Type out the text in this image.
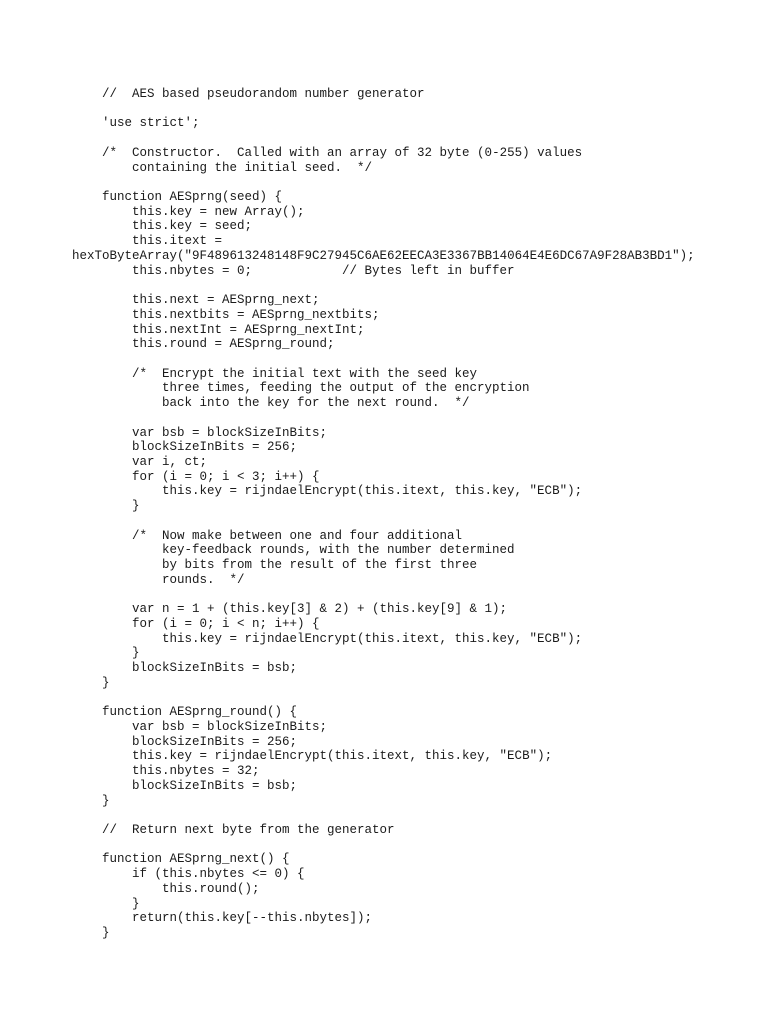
//  AES based pseudorandom number generator
'use strict';
/*  Constructor.  Called with an array of 32 byte (0-255) values
containing the initial seed.  */
function AESprng(seed) {
this.key = new Array();
this.key = seed;
this.itext =
hexToByteArray("9F489613248148F9C27945C6AE62EECA3E3367BB14064E4E6DC67A9F28AB3BD1");
this.nbytes = 0;            // Bytes left in buffer
this.next = AESprng_next;
this.nextbits = AESprng_nextbits;
this.nextInt = AESprng_nextInt;
this.round = AESprng_round;
/*  Encrypt the initial text with the seed key
three times, feeding the output of the encryption
back into the key for the next round.  */
var bsb = blockSizeInBits;
blockSizeInBits = 256;
var i, ct;
for (i = 0; i < 3; i++) {
this.key = rijndaelEncrypt(this.itext, this.key, "ECB");
}
/*  Now make between one and four additional
key-feedback rounds, with the number determined
by bits from the result of the first three
rounds.  */
var n = 1 + (this.key[3] & 2) + (this.key[9] & 1);
for (i = 0; i < n; i++) {
this.key = rijndaelEncrypt(this.itext, this.key, "ECB");
}
blockSizeInBits = bsb;
}
function AESprng_round() {
var bsb = blockSizeInBits;
blockSizeInBits = 256;
this.key = rijndaelEncrypt(this.itext, this.key, "ECB");
this.nbytes = 32;
blockSizeInBits = bsb;
}
//  Return next byte from the generator
function AESprng_next() {
if (this.nbytes <= 0) {
this.round();
}
return(this.key[--this.nbytes]);
}
